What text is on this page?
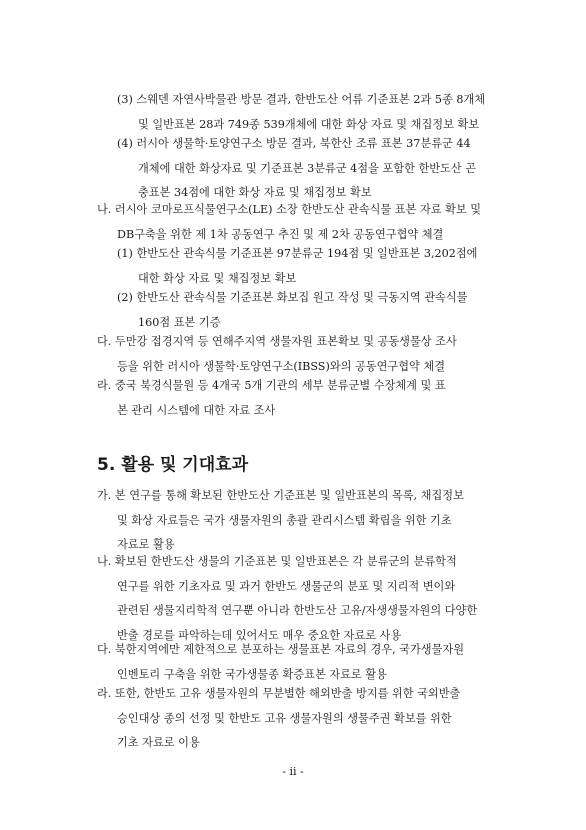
(3) 스웨덴 자연사박물관 방문 결과, 한반도산 어류 기준표본 2과 5종 8개체
및 일반표본 28과 749종 539개체에 대한 화상 자료 및 채집정보 확보
(4) 러시아 생물학·토양연구소 방문 결과, 북한산 조류 표본 37분류군 44
개체에 대한 화상자료 및 기준표본 3분류군 4점을 포함한 한반도산 곤
충표본 34점에 대한 화상 자료 및 채집정보 확보
나. 러시아 코마로프식물연구소(LE) 소장 한반도산 관속식물 표본 자료 확보 및
DB구축을 위한 제 1차 공동연구 추진 및 제 2차 공동연구협약 체결
(1) 한반도산 관속식물 기준표본 97분류군 194점 및 일반표본 3,202점에
대한 화상 자료 및 채집정보 확보
(2) 한반도산 관속식물 기준표본 화보집 원고 작성 및 극동지역 관속식물
160점 표본 기증
다. 두만강 접경지역 등 연해주지역 생물자원 표본확보 및 공동생물상 조사
등을 위한 러시아 생물학·토양연구소(IBSS)와의 공동연구협약 체결
라. 중국 북경식물원 등 4개국 5개 기관의 세부 분류군별 수장체계 및 표
본 관리 시스템에 대한 자료 조사
5. 활용 및 기대효과
가. 본 연구를 통해 확보된 한반도산 기준표본 및 일반표본의 목록, 채집정보
및 화상 자료들은 국가 생물자원의 총괄 관리시스템 확립을 위한 기초
자료로 활용
나. 확보된 한반도산 생물의 기준표본 및 일반표본은 각 분류군의 분류학적
연구를 위한 기초자료 및 과거 한반도 생물군의 분포 및 지리적 변이와
관련된 생물지리학적 연구뿐 아니라 한반도산 고유/자생생물자원의 다양한
반출 경로를 파악하는데 있어서도 매우 중요한 자료로 사용
다. 북한지역에만 제한적으로 분포하는 생물표본 자료의 경우, 국가생물자원
인벤토리 구축을 위한 국가생물종 확증표본 자료로 활용
라. 또한, 한반도 고유 생물자원의 무분별한 해외반출 방지를 위한 국외반출
승인대상 종의 선정 및 한반도 고유 생물자원의 생물주권 확보를 위한
기초 자료로 이용
- ii -
